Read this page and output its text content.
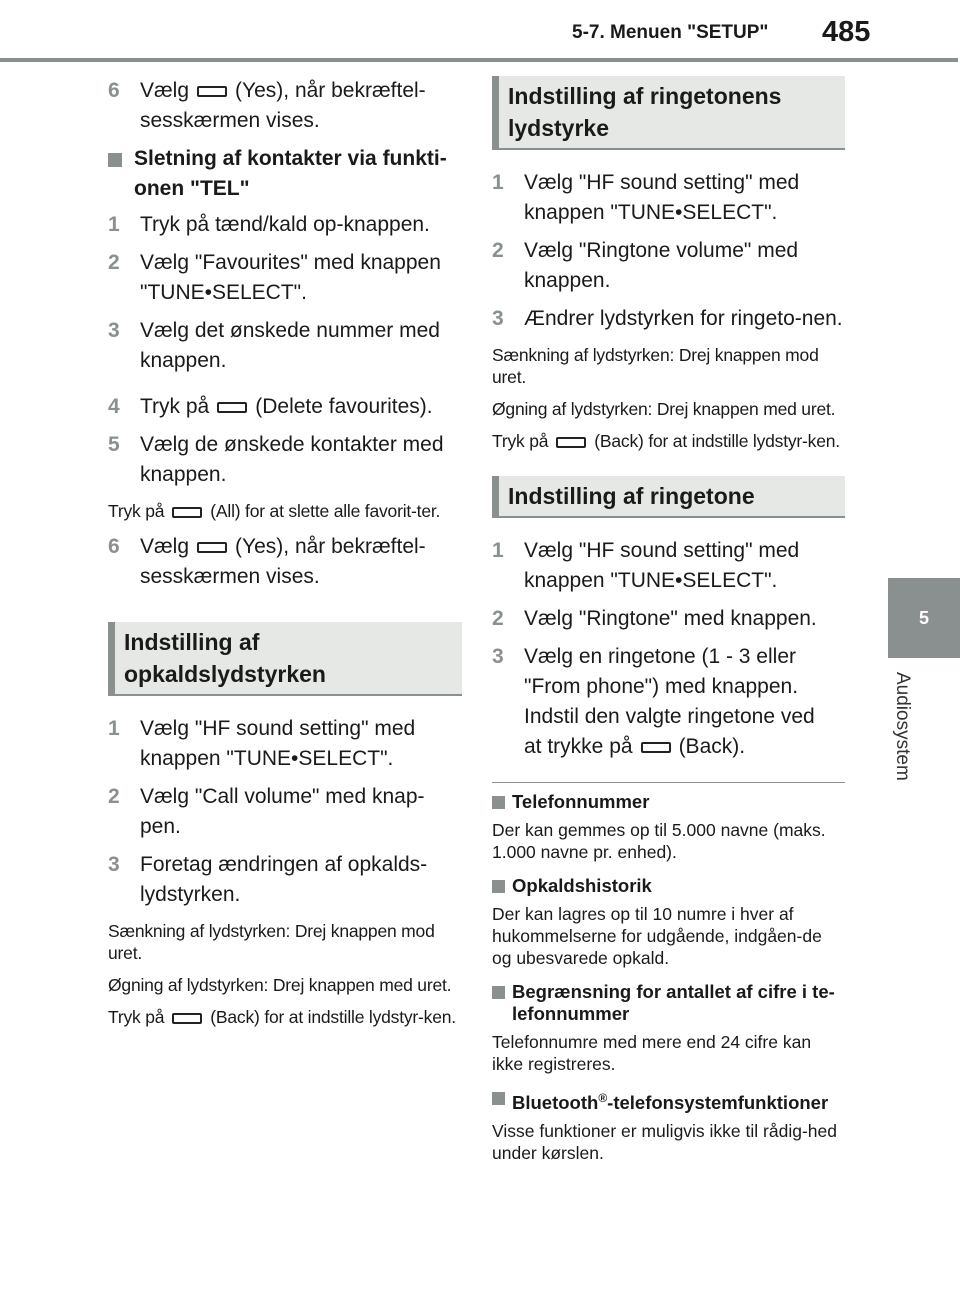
5-7. Menuen "SETUP" 485
5
Audiosystem
6 Vælg (Yes), når bekræftel-
sesskærmen vises.
Sletning af kontakter via funkti-onen "TEL"
1 Tryk på tænd/kald op-knappen.
2 Vælg "Favourites" med knappen "TUNE•SELECT".
3 Vælg det ønskede nummer med knappen.
4 Tryk på (Delete favourites).
5 Vælg de ønskede kontakter med knappen.
Tryk på	(All) for at slette alle favorit-ter.
6 Vælg (Yes), når bekræftel-
sesskærmen vises.
Indstilling af opkaldslydstyrken
1 Vælg "HF sound setting" med knappen "TUNE•SELECT".
2 Vælg "Call volume" med knap-pen.
3 Foretag ændringen af opkalds-lydstyrken.
Sænkning af lydstyrken: Drej knappen mod uret.
Øgning af lydstyrken: Drej knappen med uret.
Tryk på	(Back) for at indstille lydstyr-ken.
Indstilling af ringetonens lydstyrke
1 Vælg "HF sound setting" med knappen "TUNE•SELECT".
2 Vælg "Ringtone volume" med knappen.
3 Ændrer lydstyrken for ringeto-nen.
Sænkning af lydstyrken: Drej knappen mod uret.
Øgning af lydstyrken: Drej knappen med uret.
Tryk på	(Back) for at indstille lydstyr-ken.
Indstilling af ringetone
1 Vælg "HF sound setting" med knappen "TUNE•SELECT".
2 Vælg "Ringtone" med knappen.
3 Vælg en ringetone (1 - 3 eller "From phone") med knappen. Indstil den valgte ringetone ved
at trykke på (Back).
Telefonnummer
Der kan gemmes op til 5.000 navne (maks. 1.000 navne pr. enhed).
Opkaldshistorik
Der kan lagres op til 10 numre i hver af hukommelserne for udgående, indgåen-de og ubesvarede opkald.
Begrænsning for antallet af cifre i te-lefonnummer
Telefonnumre med mere end 24 cifre kan ikke registreres.
Bluetooth®-telefonsystemfunktioner
Visse funktioner er muligvis ikke til rådig-hed under kørslen.
